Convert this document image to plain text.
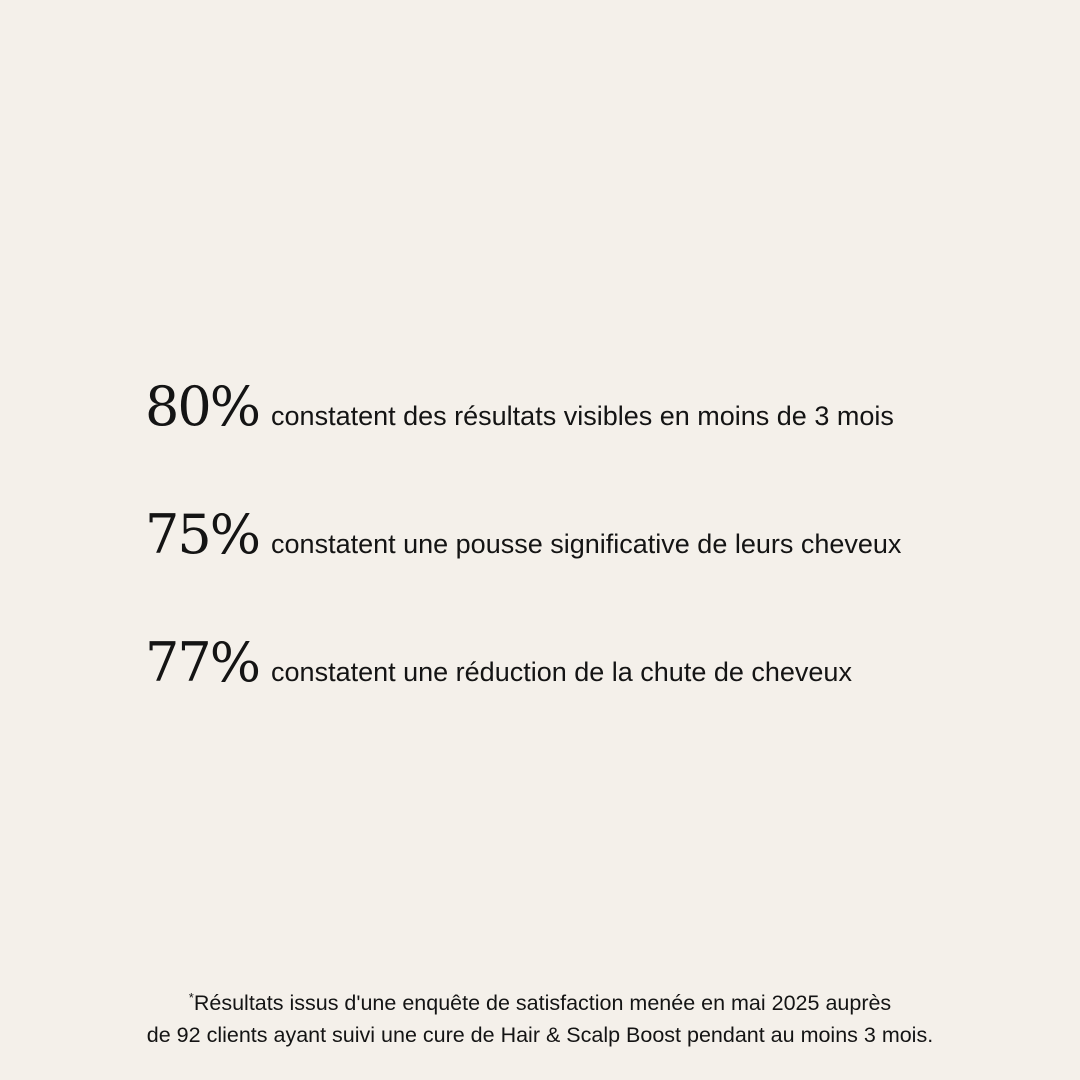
80% constatent des résultats visibles en moins de 3 mois
75% constatent une pousse significative de leurs cheveux
77% constatent une réduction de la chute de cheveux
*Résultats issus d'une enquête de satisfaction menée en mai 2025 auprès
de 92 clients ayant suivi une cure de Hair & Scalp Boost pendant au moins 3 mois.
